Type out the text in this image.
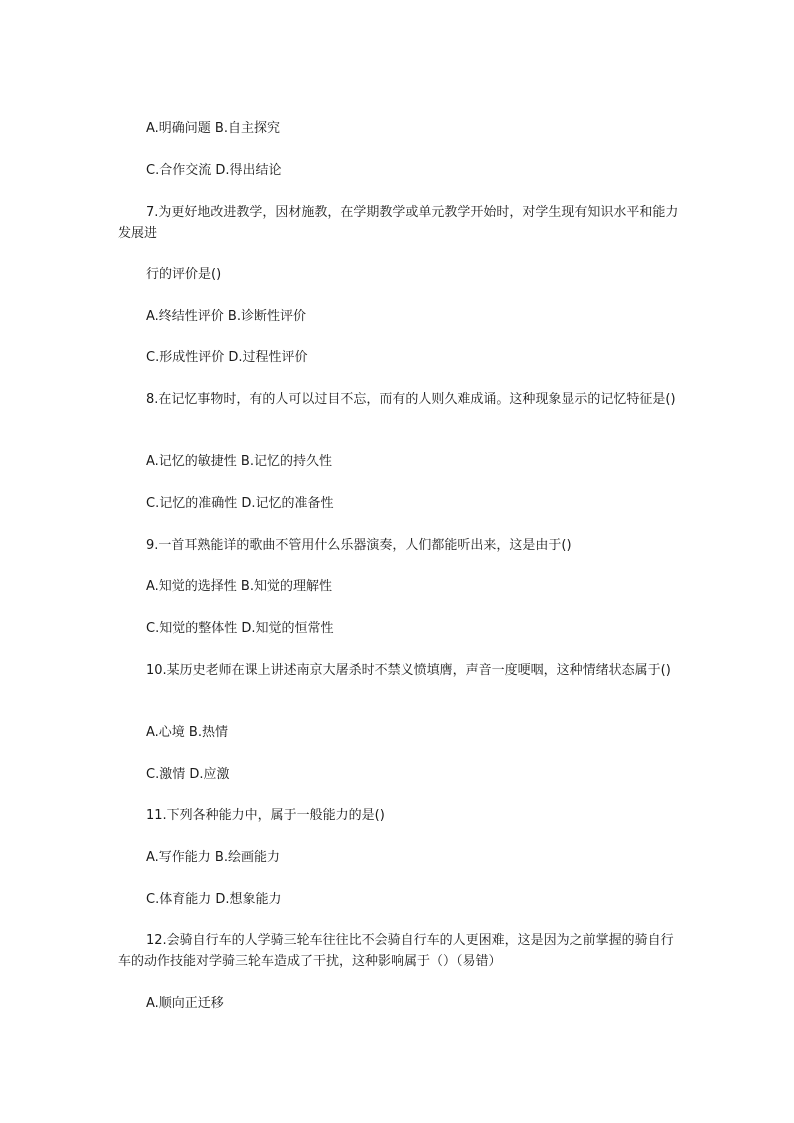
A.明确问题 B.自主探究
C.合作交流 D.得出结论
7.为更好地改进教学，因材施教，在学期教学或单元教学开始时，对学生现有知识水平和能力发展进
行的评价是()
A.终结性评价 B.诊断性评价
C.形成性评价 D.过程性评价
8.在记忆事物时，有的人可以过目不忘，而有的人则久难成诵。这种现象显示的记忆特征是()
A.记忆的敏捷性 B.记忆的持久性
C.记忆的准确性 D.记忆的准备性
9.一首耳熟能详的歌曲不管用什么乐器演奏，人们都能听出来，这是由于()
A.知觉的选择性 B.知觉的理解性
C.知觉的整体性 D.知觉的恒常性
10.某历史老师在课上讲述南京大屠杀时不禁义愤填膺，声音一度哽咽，这种情绪状态属于()
A.心境 B.热情
C.激情 D.应激
11.下列各种能力中，属于一般能力的是()
A.写作能力 B.绘画能力
C.体育能力 D.想象能力
12.会骑自行车的人学骑三轮车往往比不会骑自行车的人更困难，这是因为之前掌握的骑自行车的动作技能对学骑三轮车造成了干扰，这种影响属于（）（易错）
A.顺向正迁移
